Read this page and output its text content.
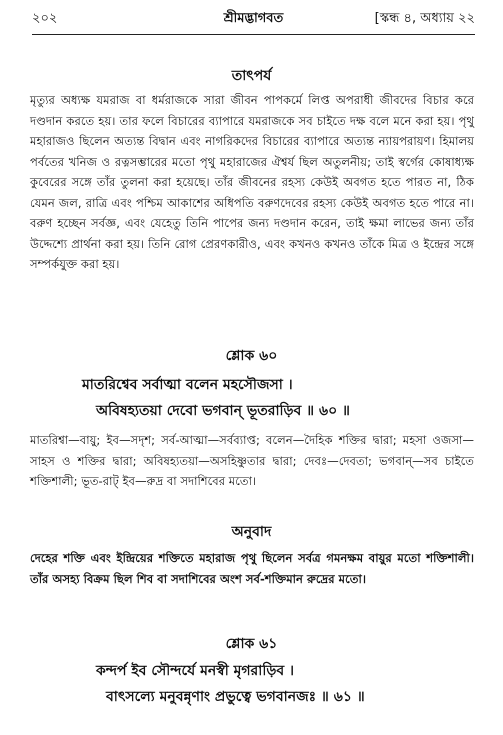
২০২	শ্রীমদ্ভাগবত	[স্কন্ধ ৪, অধ্যায় ২২
তাৎপর্য
মৃত্যুর অধ্যক্ষ যমরাজ বা ধর্মরাজকে সারা জীবন পাপকর্মে লিপ্ত অপরাধী জীবদের বিচার করে দণ্ডদান করতে হয়। তার ফলে বিচারের ব্যাপারে যমরাজকে সব চাইতে দক্ষ বলে মনে করা হয়। পৃথু মহারাজও ছিলেন অত্যন্ত বিদ্বান এবং নাগরিকদের বিচারের ব্যাপারে অত্যন্ত ন্যায়পরায়ণ। হিমালয় পর্বতের খনিজ ও রত্নসম্ভারের মতো পৃথু মহারাজের ঐশ্বর্য ছিল অতুলনীয়; তাই স্বর্গের কোষাধ্যক্ষ কুবেরের সঙ্গে তাঁর তুলনা করা হয়েছে। তাঁর জীবনের রহস্য কেউই অবগত হতে পারত না, ঠিক যেমন জল, রাত্রি এবং পশ্চিম আকাশের অধিপতি বরুণদেবের রহস্য কেউই অবগত হতে পারে না। বরুণ হচ্ছেন সর্বজ্ঞ, এবং যেহেতু তিনি পাপের জন্য দণ্ডদান করেন, তাই ক্ষমা লাভের জন্য তাঁর উদ্দেশ্যে প্রার্থনা করা হয়। তিনি রোগ প্রেরণকারীও, এবং কখনও কখনও তাঁকে মিত্র ও ইন্দ্রের সঙ্গে সম্পর্কযুক্ত করা হয়।
শ্লোক ৬০
মাতরিশ্বেব সর্বাত্মা বলেন মহসৌজসা ।
অবিষহ্যতয়া দেবো ভগবান্ ভূতরাড়িব ॥ ৬০ ॥
মাতরিশ্বা—বায়ু; ইব—সদৃশ; সর্ব-আত্মা—সর্বব্যাপ্ত; বলেন—দৈহিক শক্তির দ্বারা; মহসা ওজসা—সাহস ও শক্তির দ্বারা; অবিষহ্যতয়া—অসহিষ্ণুতার দ্বারা; দেবঃ—দেবতা; ভগবান্—সব চাইতে শক্তিশালী; ভূত-রাট্ ইব—রুদ্র বা সদাশিবের মতো।
অনুবাদ
দেহের শক্তি এবং ইন্দ্রিয়ের শক্তিতে মহারাজ পৃথু ছিলেন সর্বত্র গমনক্ষম বায়ুর মতো শক্তিশালী। তাঁর অসহ্য বিক্রম ছিল শিব বা সদাশিবের অংশ সর্ব-শক্তিমান রুদ্রের মতো।
শ্লোক ৬১
কন্দর্প ইব সৌন্দর্যে মনস্বী মৃগরাড়িব ।
বাৎসল্যে মনুবন্নৃণাং প্রভুত্বে ভগবানজঃ ॥ ৬১ ॥
